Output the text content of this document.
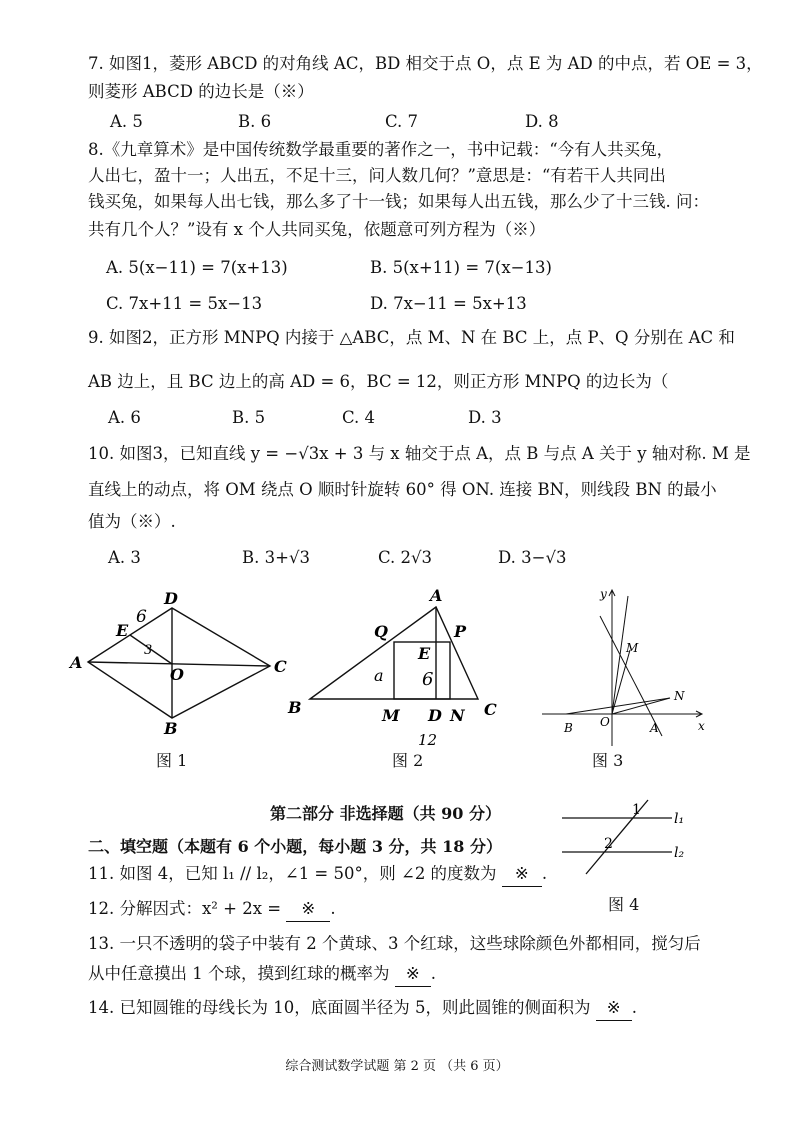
7. 如图1，菱形 ABCD 的对角线 AC，BD 相交于点 O，点 E 为 AD 的中点，若 OE = 3，
则菱形 ABCD 的边长是（※）
A. 5	B. 6	C. 7	D. 8
8.《九章算术》是中国传统数学最重要的著作之一，书中记载：“今有人共买兔，
人出七，盈十一；人出五，不足十三，问人数几何？”意思是：“有若干人共同出
钱买兔，如果每人出七钱，那么多了十一钱；如果每人出五钱，那么少了十三钱. 问：
共有几个人？”设有 x 个人共同买兔，依题意可列方程为（※）
A. 5(x−11) = 7(x+13)	B. 5(x+11) = 7(x−13)
C. 7x+11 = 5x−13	D. 7x−11 = 5x+13
9. 如图2，正方形 MNPQ 内接于 △ABC，点 M、N 在 BC 上，点 P、Q 分别在 AC 和
AB 边上，且 BC 边上的高 AD = 6，BC = 12，则正方形 MNPQ 的边长为（
A. 6	B. 5	C. 4	D. 3
10. 如图3，已知直线 y = −√3x + 3 与 x 轴交于点 A，点 B 与点 A 关于 y 轴对称. M 是
直线上的动点，将 OM 绕点 O 顺时针旋转 60° 得 ON. 连接 BN，则线段 BN 的最小
值为（※）.
A. 3	B. 3+√3	C. 2√3	D. 3−√3
A
D
C
B
E
O
6
3
图 1
A
B	C
Q	P
E
M D N
a 6
12
图 2
y
x
M
N
O	A
B
图 3
第二部分 非选择题（共 90 分）
二、填空题（本题有 6 个小题，每小题 3 分，共 18 分）
1
2
l₁
l₂
图 4
11. 如图 4，已知 l₁ // l₂，∠1 = 50°，则 ∠2 的度数为 ※ .
12. 分解因式：x² + 2x = ※ .
13. 一只不透明的袋子中装有 2 个黄球、3 个红球，这些球除颜色外都相同，搅匀后
从中任意摸出 1 个球，摸到红球的概率为 ※ .
14. 已知圆锥的母线长为 10，底面圆半径为 5，则此圆锥的侧面积为 ※ .
综合测试数学试题 第 2 页 （共 6 页）
